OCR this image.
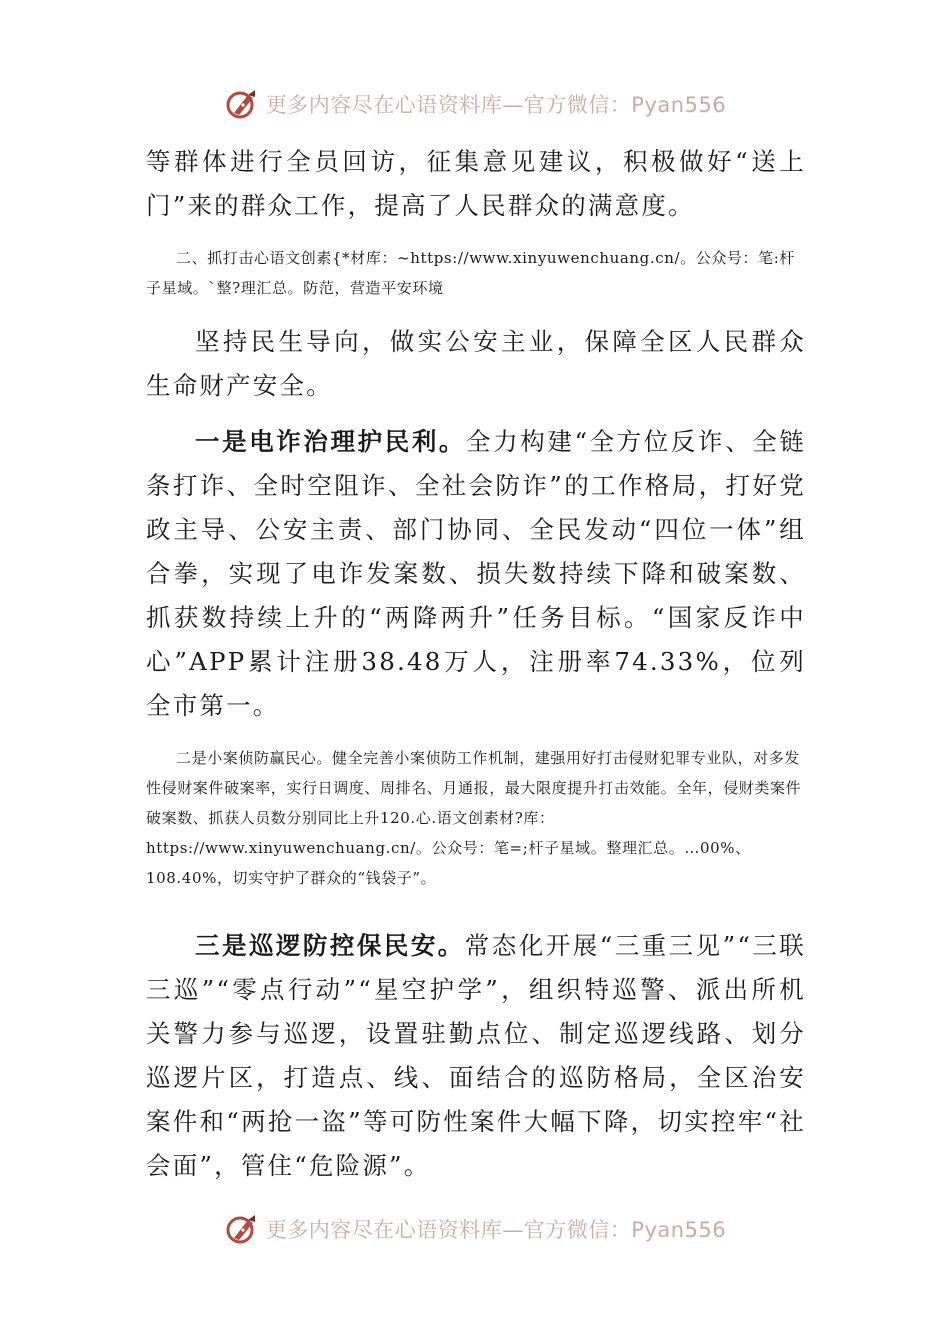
更多内容尽在心语资料库—官方微信：Pyan556

等群体进行全员回访，征集意见建议，积极做好“送上门”来的群众工作，提高了人民群众的满意度。

二、抓打击心语文创素{*材库：~https://www.xinyuwenchuang.cn/。公众号：笔:杆子星域。`整?理汇总。防范，营造平安环境

坚持民生导向，做实公安主业，保障全区人民群众生命财产安全。

一是电诈治理护民利。全力构建“全方位反诈、全链条打诈、全时空阻诈、全社会防诈”的工作格局，打好党政主导、公安主责、部门协同、全民发动“四位一体”组合拳，实现了电诈发案数、损失数持续下降和破案数、抓获数持续上升的“两降两升”任务目标。“国家反诈中心”APP累计注册38.48万人，注册率74.33%，位列全市第一。

二是小案侦防赢民心。健全完善小案侦防工作机制，建强用好打击侵财犯罪专业队，对多发性侵财案件破案率，实行日调度、周排名、月通报，最大限度提升打击效能。全年，侵财类案件破案数、抓获人员数分别同比上升120.心.语文创素材?库：https://www.xinyuwenchuang.cn/。公众号：笔=;杆子星域。整理汇总。…00%、108.40%，切实守护了群众的“钱袋子”。

三是巡逻防控保民安。常态化开展“三重三见”“三联三巡”“零点行动”“星空护学”，组织特巡警、派出所机关警力参与巡逻，设置驻勤点位、制定巡逻线路、划分巡逻片区，打造点、线、面结合的巡防格局，全区治安案件和“两抢一盗”等可防性案件大幅下降，切实控牢“社会面”，管住“危险源”。

更多内容尽在心语资料库—官方微信：Pyan556
